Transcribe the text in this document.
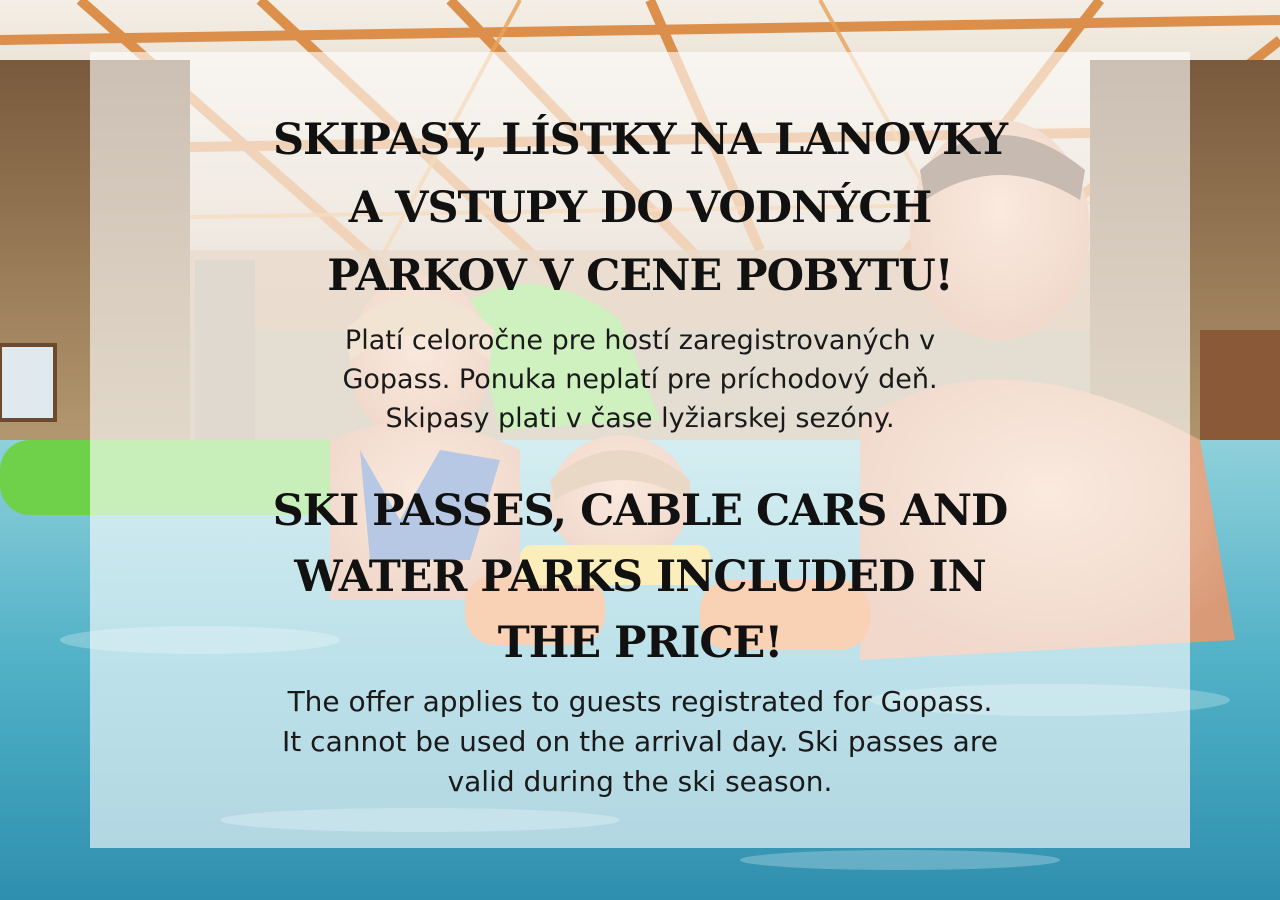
SKIPASY, LÍSTKY NA LANOVKY
A VSTUPY DO VODNÝCH
PARKOV V CENE POBYTU!

Platí celoročne pre hostí zaregistrovaných v
Gopass. Ponuka neplatí pre príchodový deň.
Skipasy plati v čase lyžiarskej sezóny.

SKI PASSES, CABLE CARS AND
WATER PARKS INCLUDED IN
THE PRICE!

The offer applies to guests registrated for Gopass.
It cannot be used on the arrival day. Ski passes are
valid during the ski season.
